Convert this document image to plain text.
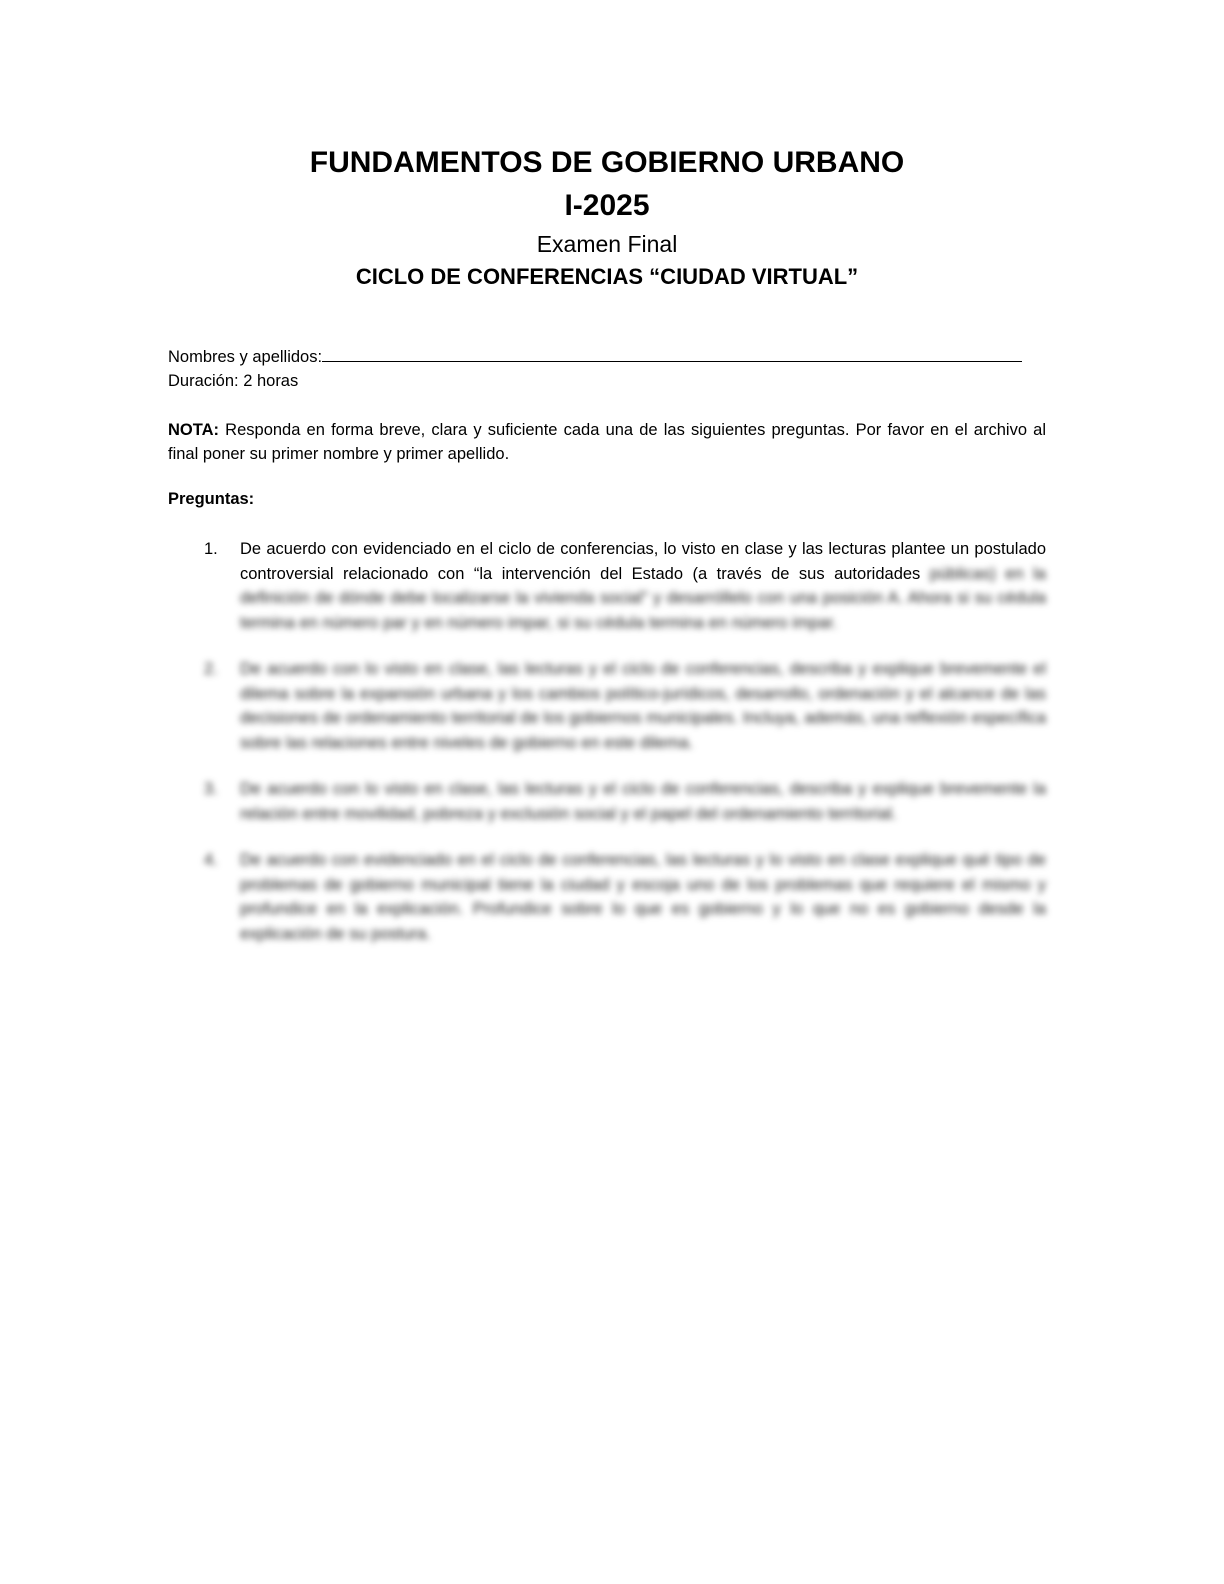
FUNDAMENTOS DE GOBIERNO URBANO

I-2025

Examen Final

CICLO DE CONFERENCIAS “CIUDAD VIRTUAL”

Nombres y apellidos:
Duración: 2 horas
NOTA: Responda en forma breve, clara y suficiente cada una de las siguientes preguntas. Por favor en el archivo al final poner su primer nombre y primer apellido.
Preguntas:
1. De acuerdo con evidenciado en el ciclo de conferencias, lo visto en clase y las lecturas plantee un postulado controversial relacionado con “la intervención del Estado (a través de sus autoridades públicas) en la definición de dónde debe localizarse la vivienda social” y desarróllelo con una posición A. Ahora si su cédula termina en número par y en número impar, si su cédula termina en número impar.
2. De acuerdo con lo visto en clase, las lecturas y el ciclo de conferencias, describa y explique brevemente el dilema sobre la expansión urbana y los cambios político-jurídicos, desarrollo, ordenación y el alcance de las decisiones de ordenamiento territorial de los gobiernos municipales. Incluya, además, una reflexión específica sobre las relaciones entre niveles de gobierno en este dilema.
3. De acuerdo con lo visto en clase, las lecturas y el ciclo de conferencias, describa y explique brevemente la relación entre movilidad, pobreza y exclusión social y el papel del ordenamiento territorial.
4. De acuerdo con evidenciado en el ciclo de conferencias, las lecturas y lo visto en clase explique qué tipo de problemas de gobierno municipal tiene la ciudad y escoja uno de los problemas que requiere el mismo y profundice en la explicación. Profundice sobre lo que es gobierno y lo que no es gobierno desde la explicación de su postura.
